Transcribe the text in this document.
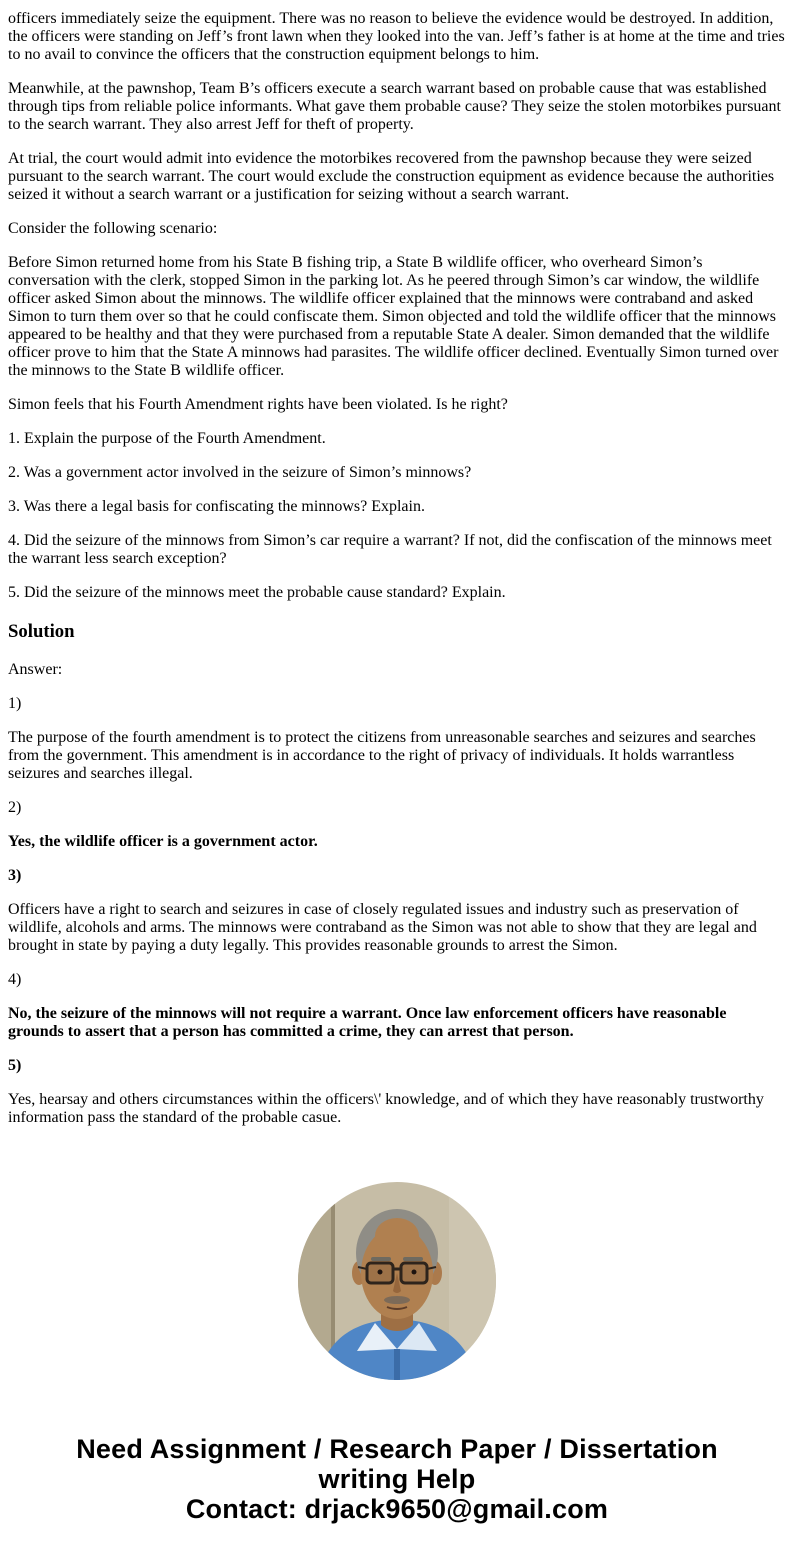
officers immediately seize the equipment. There was no reason to believe the evidence would be destroyed. In addition, the officers were standing on Jeff’s front lawn when they looked into the van. Jeff’s father is at home at the time and tries to no avail to convince the officers that the construction equipment belongs to him.

Meanwhile, at the pawnshop, Team B’s officers execute a search warrant based on probable cause that was established through tips from reliable police informants. What gave them probable cause? They seize the stolen motorbikes pursuant to the search warrant. They also arrest Jeff for theft of property.

At trial, the court would admit into evidence the motorbikes recovered from the pawnshop because they were seized pursuant to the search warrant. The court would exclude the construction equipment as evidence because the authorities seized it without a search warrant or a justification for seizing without a search warrant.

Consider the following scenario:

Before Simon returned home from his State B fishing trip, a State B wildlife officer, who overheard Simon’s conversation with the clerk, stopped Simon in the parking lot. As he peered through Simon’s car window, the wildlife officer asked Simon about the minnows. The wildlife officer explained that the minnows were contraband and asked Simon to turn them over so that he could confiscate them. Simon objected and told the wildlife officer that the minnows appeared to be healthy and that they were purchased from a reputable State A dealer. Simon demanded that the wildlife officer prove to him that the State A minnows had parasites. The wildlife officer declined. Eventually Simon turned over the minnows to the State B wildlife officer.

Simon feels that his Fourth Amendment rights have been violated. Is he right?

1. Explain the purpose of the Fourth Amendment.

2. Was a government actor involved in the seizure of Simon’s minnows?

3. Was there a legal basis for confiscating the minnows? Explain.

4. Did the seizure of the minnows from Simon’s car require a warrant? If not, did the confiscation of the minnows meet the warrant less search exception?

5. Did the seizure of the minnows meet the probable cause standard? Explain.

Solution

Answer:

1)

The purpose of the fourth amendment is to protect the citizens from unreasonable searches and seizures and searches from the government. This amendment is in accordance to the right of privacy of individuals. It holds warrantless seizures and searches illegal.

2)

Yes, the wildlife officer is a government actor.

3)

Officers have a right to search and seizures in case of closely regulated issues and industry such as preservation of wildlife, alcohols and arms. The minnows were contraband as the Simon was not able to show that they are legal and brought in state by paying a duty legally. This provides reasonable grounds to arrest the Simon.

4)

No, the seizure of the minnows will not require a warrant. Once law enforcement officers have reasonable grounds to assert that a person has committed a crime, they can arrest that person.

5)

Yes, hearsay and others circumstances within the officers\' knowledge, and of which they have reasonably trustworthy information pass the standard of the probable casue.

Need Assignment / Research Paper / Dissertation
writing Help
Contact: drjack9650@gmail.com
